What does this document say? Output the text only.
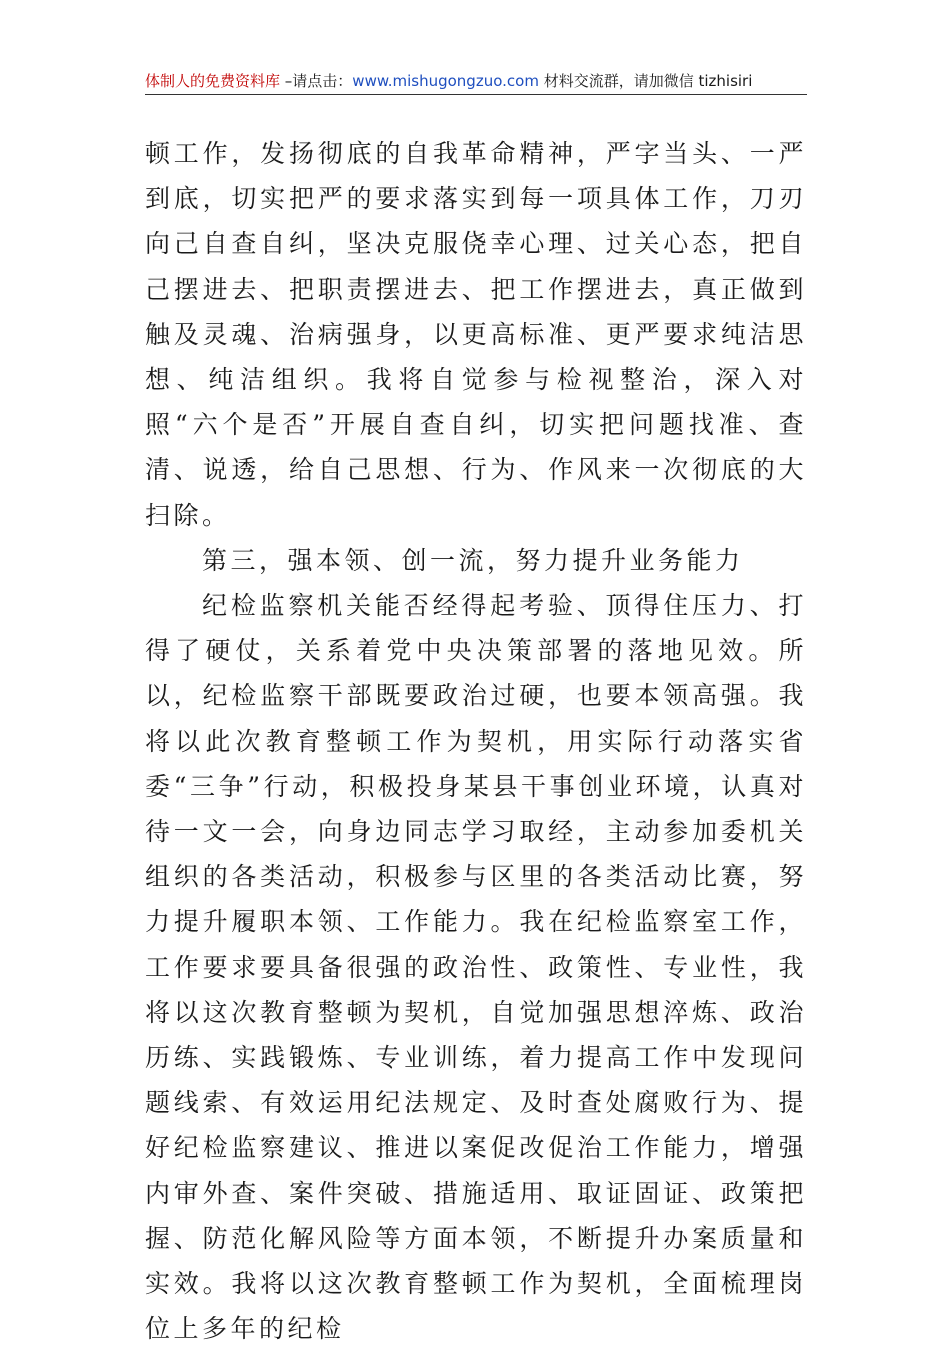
体制人的免费资料库 –请点击：www.mishugongzuo.com 材料交流群，请加微信 tizhisiri

顿工作，发扬彻底的自我革命精神，严字当头、一严到底，切实把严的要求落实到每一项具体工作，刀刃向己自查自纠，坚决克服侥幸心理、过关心态，把自己摆进去、把职责摆进去、把工作摆进去，真正做到触及灵魂、治病强身，以更高标准、更严要求纯洁思想、纯洁组织。我将自觉参与检视整治，深入对照“六个是否”开展自查自纠，切实把问题找准、查清、说透，给自己思想、行为、作风来一次彻底的大扫除。

第三，强本领、创一流，努力提升业务能力

纪检监察机关能否经得起考验、顶得住压力、打得了硬仗，关系着党中央决策部署的落地见效。所以，纪检监察干部既要政治过硬，也要本领高强。我将以此次教育整顿工作为契机，用实际行动落实省委“三争”行动，积极投身某县干事创业环境，认真对待一文一会，向身边同志学习取经，主动参加委机关组织的各类活动，积极参与区里的各类活动比赛，努力提升履职本领、工作能力。我在纪检监察室工作，工作要求要具备很强的政治性、政策性、专业性，我将以这次教育整顿为契机，自觉加强思想淬炼、政治历练、实践锻炼、专业训练，着力提高工作中发现问题线索、有效运用纪法规定、及时查处腐败行为、提好纪检监察建议、推进以案促改促治工作能力，增强内审外查、案件突破、措施适用、取证固证、政策把握、防范化解风险等方面本领，不断提升办案质量和实效。我将以这次教育整顿工作为契机，全面梳理岗位上多年的纪检
